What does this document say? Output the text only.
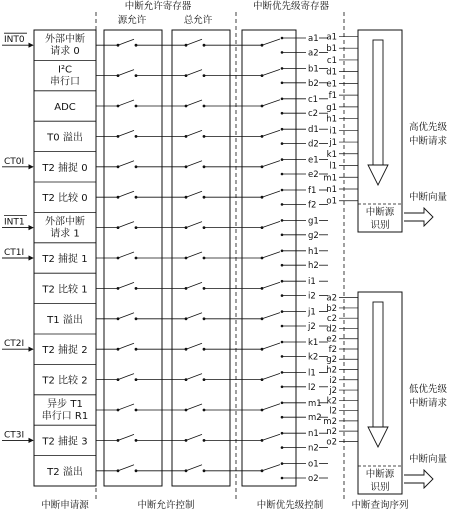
中断允许寄存器	中断优先级寄存器
源允许	总允许
外部中断
请求 0
a1
a2
I²C
串行口
b1
b2
ADC
c1
c2
T0 溢出
d1
d2
T2 捕捉 0
e1
e2
T2 比较 0
f1
f2
外部中断
请求 1
g1
g2
T2 捕捉 1
h1
h2
T2 比较 1
i1
i2
T1 溢出
j1
j2
T2 捕捉 2
k1
k2
T2 比较 2
l1
l2
异步 T1
串行口 R1
m1
m2
T2 捕捉 3
n1
n2
T2 溢出
o1
o2
INT0
CT0I
INT1
CT1I
CT2I
CT3I
中断源
识别
高优先级
中断请求
中断向量
中断源
识别
低优先级
中断请求
中断向量
a1
b1
c1
d1
e1
f1
g1
h1
i1
j1
k1
l1
m1
n1
o1
a2
b2
c2
d2
e2
f2
g2
h2
i2
j2
k2
l2
m2
n2
o2
中断申请源	中断允许控制	中断优先级控制	中断查询序列
